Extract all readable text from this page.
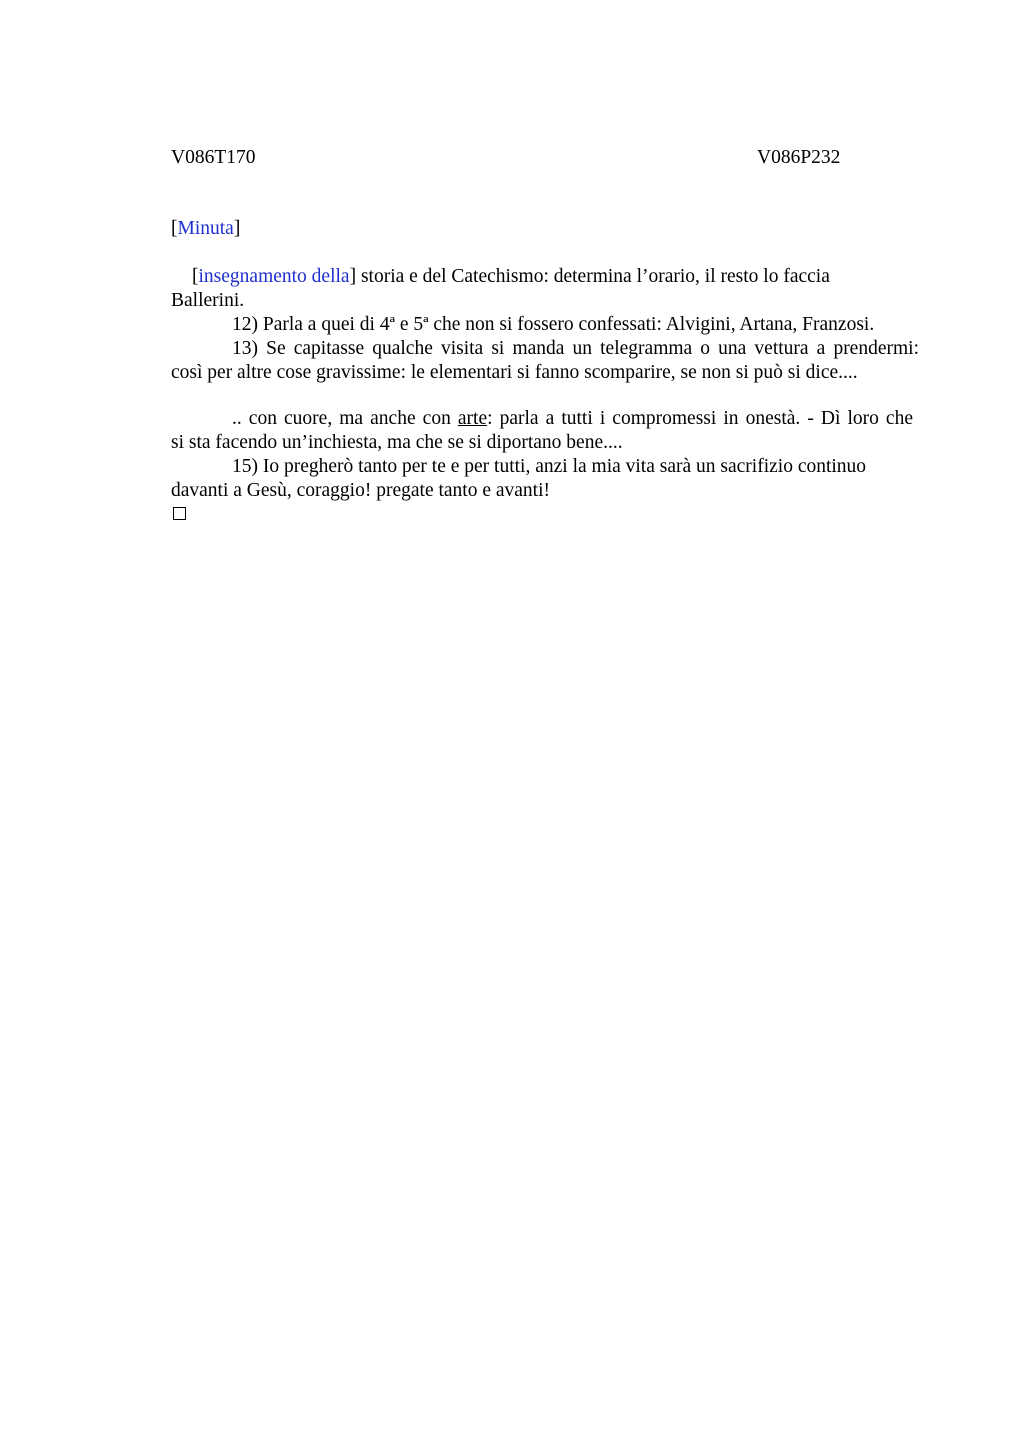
V086T170	V086P232
[Minuta]
[insegnamento della] storia e del Catechismo: determina l’orario, il resto lo faccia
Ballerini.
12) Parla a quei di 4ª e 5ª che non si fossero confessati: Alvigini, Artana, Franzosi.
13) Se capitasse qualche visita si manda un telegramma o una vettura a prendermi:
così per altre cose gravissime: le elementari si fanno scomparire, se non si può si dice....
.. con cuore, ma anche con arte: parla a tutti i compromessi in onestà. - Dì loro che
si sta facendo un’inchiesta, ma che se si diportano bene....
15) Io pregherò tanto per te e per tutti, anzi la mia vita sarà un sacrifizio continuo
davanti a Gesù, coraggio! pregate tanto e avanti!
